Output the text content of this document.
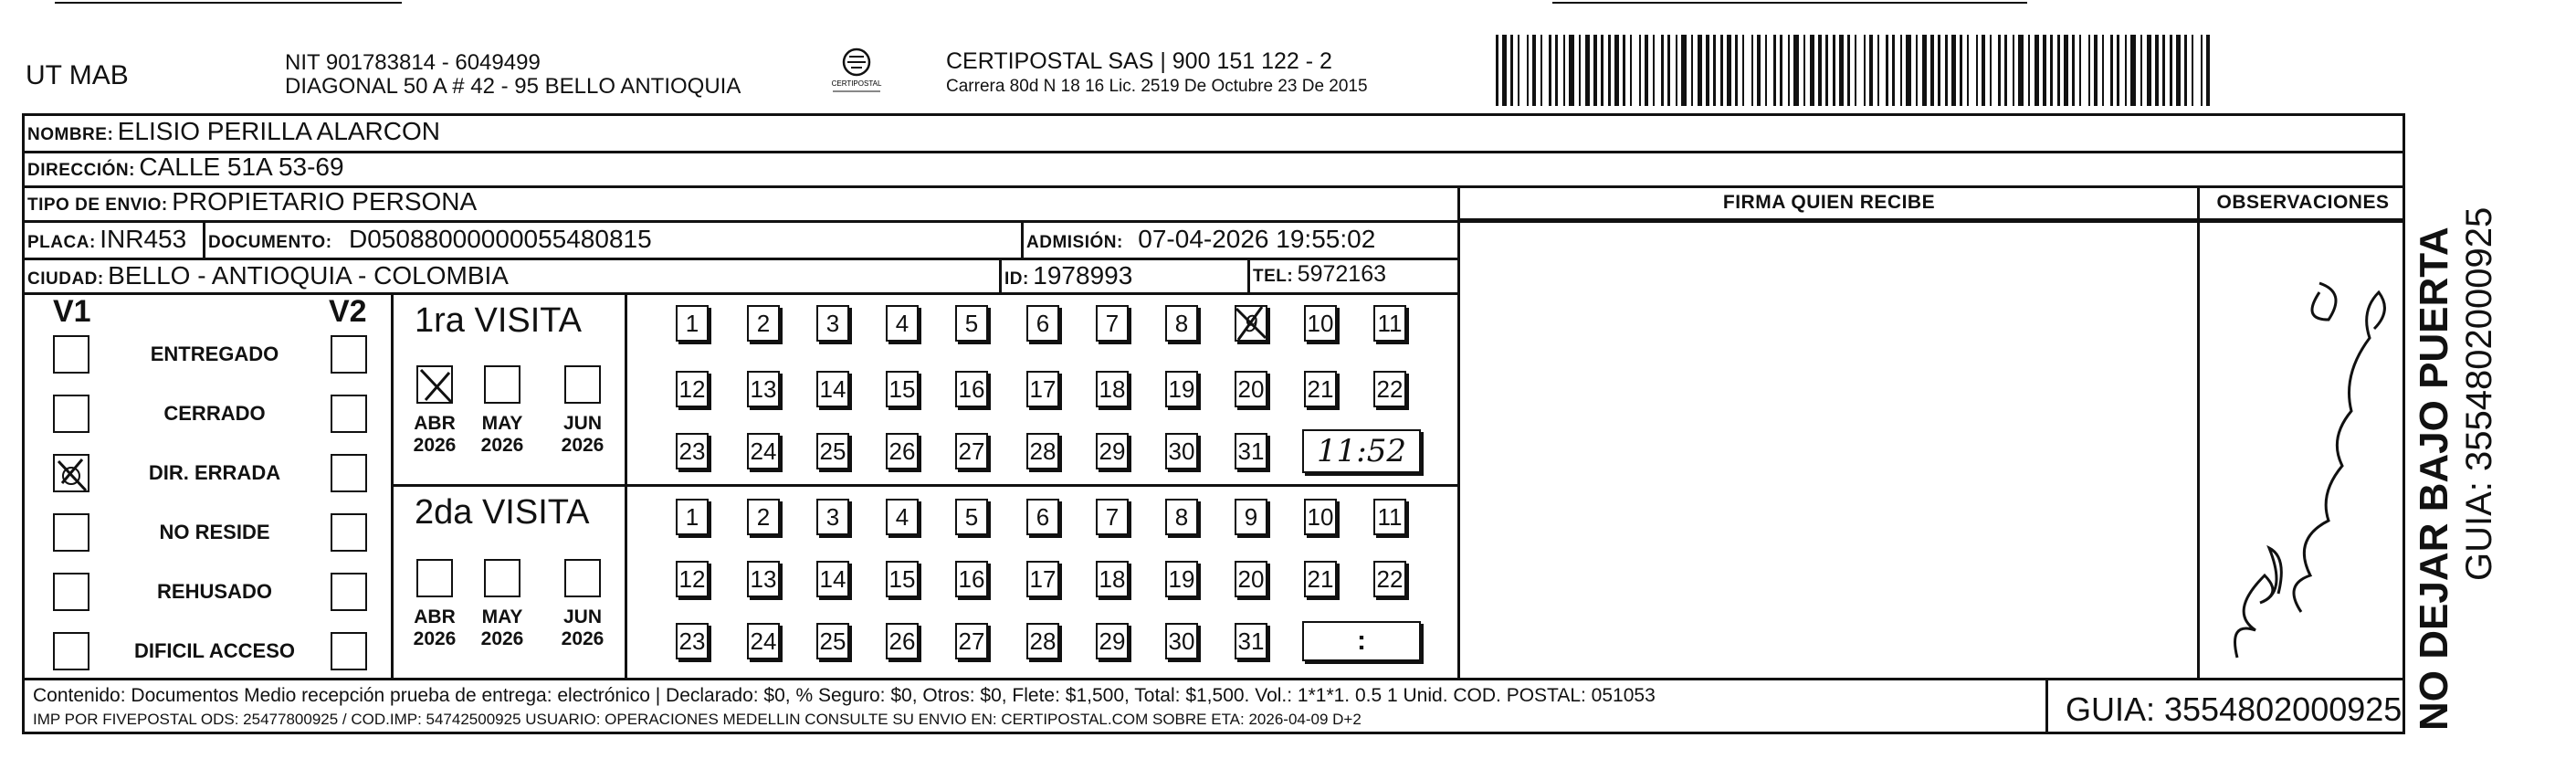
UT MAB	NIT 901783814 - 6049499
DIAGONAL 50 A # 42 - 95 BELLO ANTIOQUIA	CERTIPOSTAL
CERTIPOSTAL SAS | 900 151 122 - 2
Carrera 80d N 18 16 Lic. 2519 De Octubre 23 De 2015
NOMBRE: ELISIO PERILLA ALARCON
DIRECCIÓN: CALLE 51A 53-69
TIPO DE ENVIO: PROPIETARIO PERSONA	FIRMA QUIEN RECIBE	OBSERVACIONES
PLACA: INR453 DOCUMENTO: D05088000000055480815	ADMISIÓN: 07-04-2026 19:55:02
CIUDAD: BELLO - ANTIOQUIA - COLOMBIA	ID: 1978993	TEL: 5972163
V1	V2
ENTREGADO
CERRADO
DIR. ERRADA
NO RESIDE
REHUSADO
DIFICIL ACCESO
1ra VISITA
2da VISITA
ABR
2026
MAY
2026
JUN
2026
ABR
2026
MAY
2026
JUN
2026
1 2 3 4 5 6 7 8 9 10 11
12 13 14 15 16 17 18 19 20 21 22
23 24 25 26 27 28 29 30 31
1 2 3 4 5 6 7 8 9 10 11
12 13 14 15 16 17 18 19 20 21 22
23 24 25 26 27 28 29 30 31
11:52
:	NO DEJAR BAJO PUERTA GUIA: 3554802000925
Contenido: Documentos Medio recepción prueba de entrega: electrónico | Declarado: $0, % Seguro: $0, Otros: $0, Flete: $1,500, Total: $1,500. Vol.: 1*1*1. 0.5 1 Unid. COD. POSTAL: 051053
IMP POR FIVEPOSTAL ODS: 25477800925 / COD.IMP: 54742500925 USUARIO: OPERACIONES MEDELLIN CONSULTE SU ENVIO EN: CERTIPOSTAL.COM SOBRE ETA: 2026-04-09 D+2	GUIA: 3554802000925
